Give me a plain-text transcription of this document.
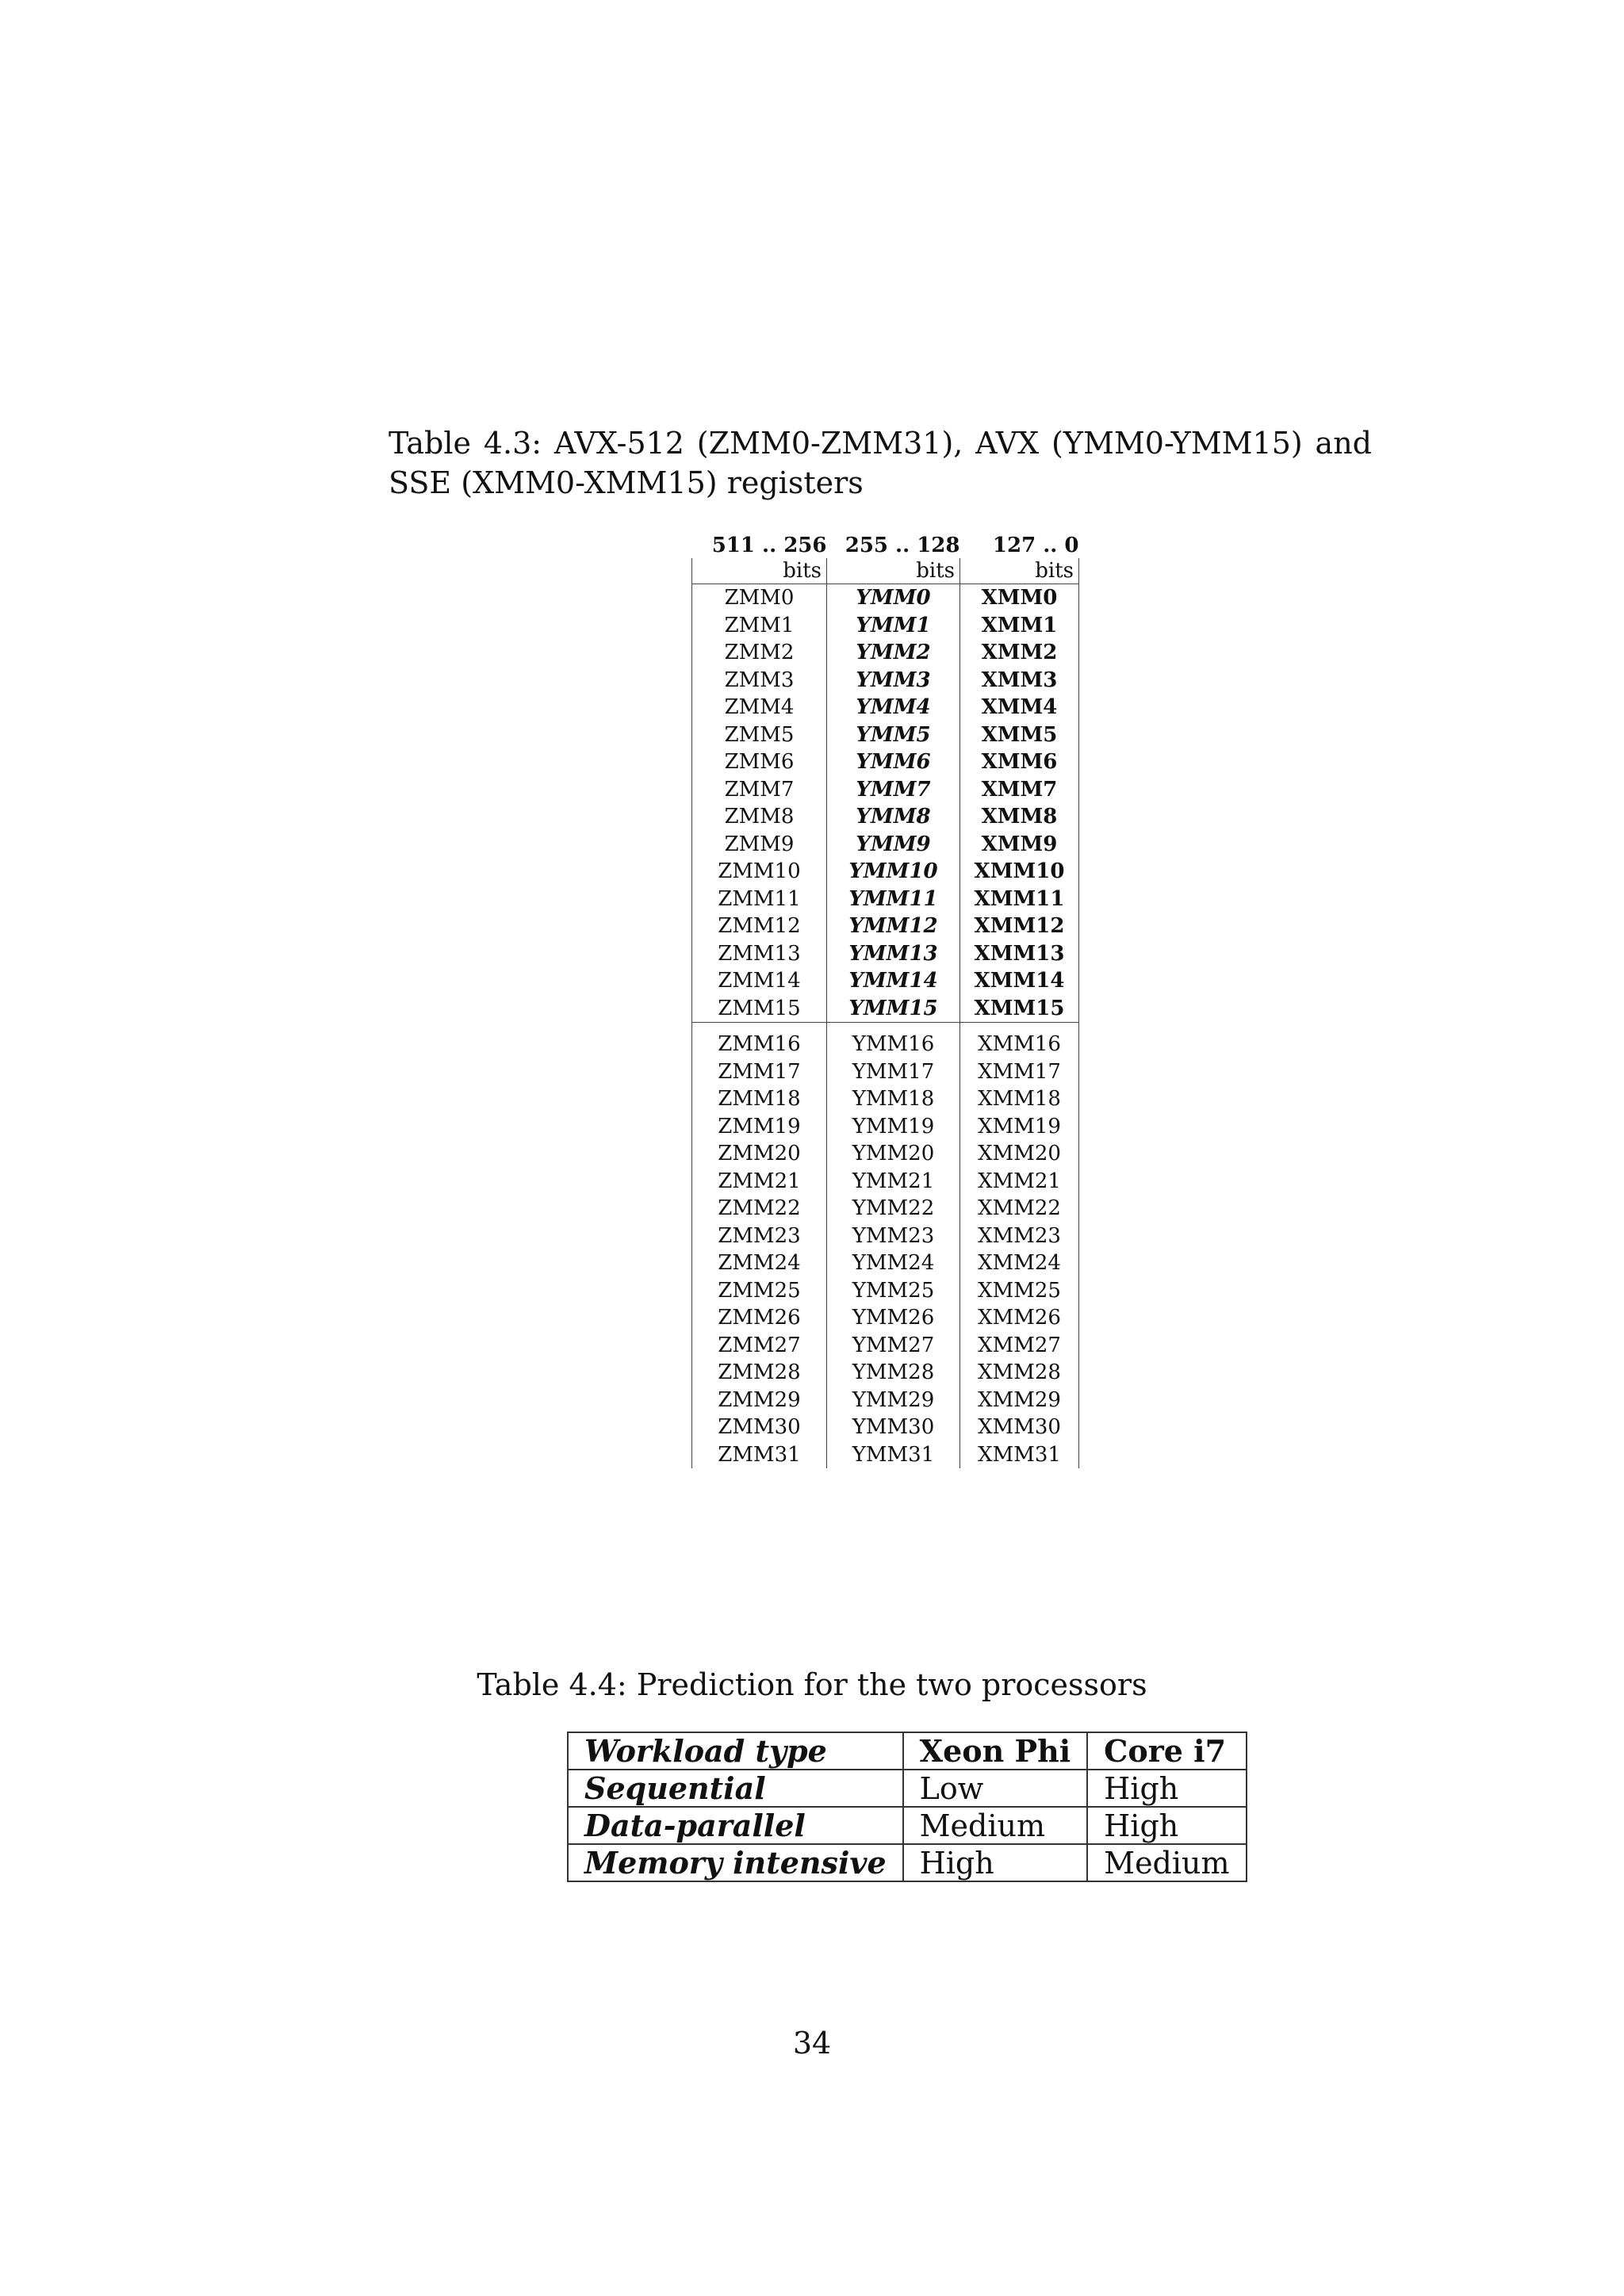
Table 4.3: AVX-512 (ZMM0-ZMM31), AVX (YMM0-YMM15) and SSE (XMM0-XMM15) registers
511 .. 256	255 .. 128	127 .. 0
bits	bits	bits
ZMM0	YMM0	XMM0
ZMM1	YMM1	XMM1
ZMM2	YMM2	XMM2
ZMM3	YMM3	XMM3
ZMM4	YMM4	XMM4
ZMM5	YMM5	XMM5
ZMM6	YMM6	XMM6
ZMM7	YMM7	XMM7
ZMM8	YMM8	XMM8
ZMM9	YMM9	XMM9
ZMM10	YMM10	XMM10
ZMM11	YMM11	XMM11
ZMM12	YMM12	XMM12
ZMM13	YMM13	XMM13
ZMM14	YMM14	XMM14
ZMM15	YMM15	XMM15
ZMM16	YMM16	XMM16
ZMM17	YMM17	XMM17
ZMM18	YMM18	XMM18
ZMM19	YMM19	XMM19
ZMM20	YMM20	XMM20
ZMM21	YMM21	XMM21
ZMM22	YMM22	XMM22
ZMM23	YMM23	XMM23
ZMM24	YMM24	XMM24
ZMM25	YMM25	XMM25
ZMM26	YMM26	XMM26
ZMM27	YMM27	XMM27
ZMM28	YMM28	XMM28
ZMM29	YMM29	XMM29
ZMM30	YMM30	XMM30
ZMM31	YMM31	XMM31
Table 4.4: Prediction for the two processors
Workload type	Xeon Phi	Core i7
Sequential	Low	High
Data-parallel	Medium	High
Memory intensive	High	Medium
34
